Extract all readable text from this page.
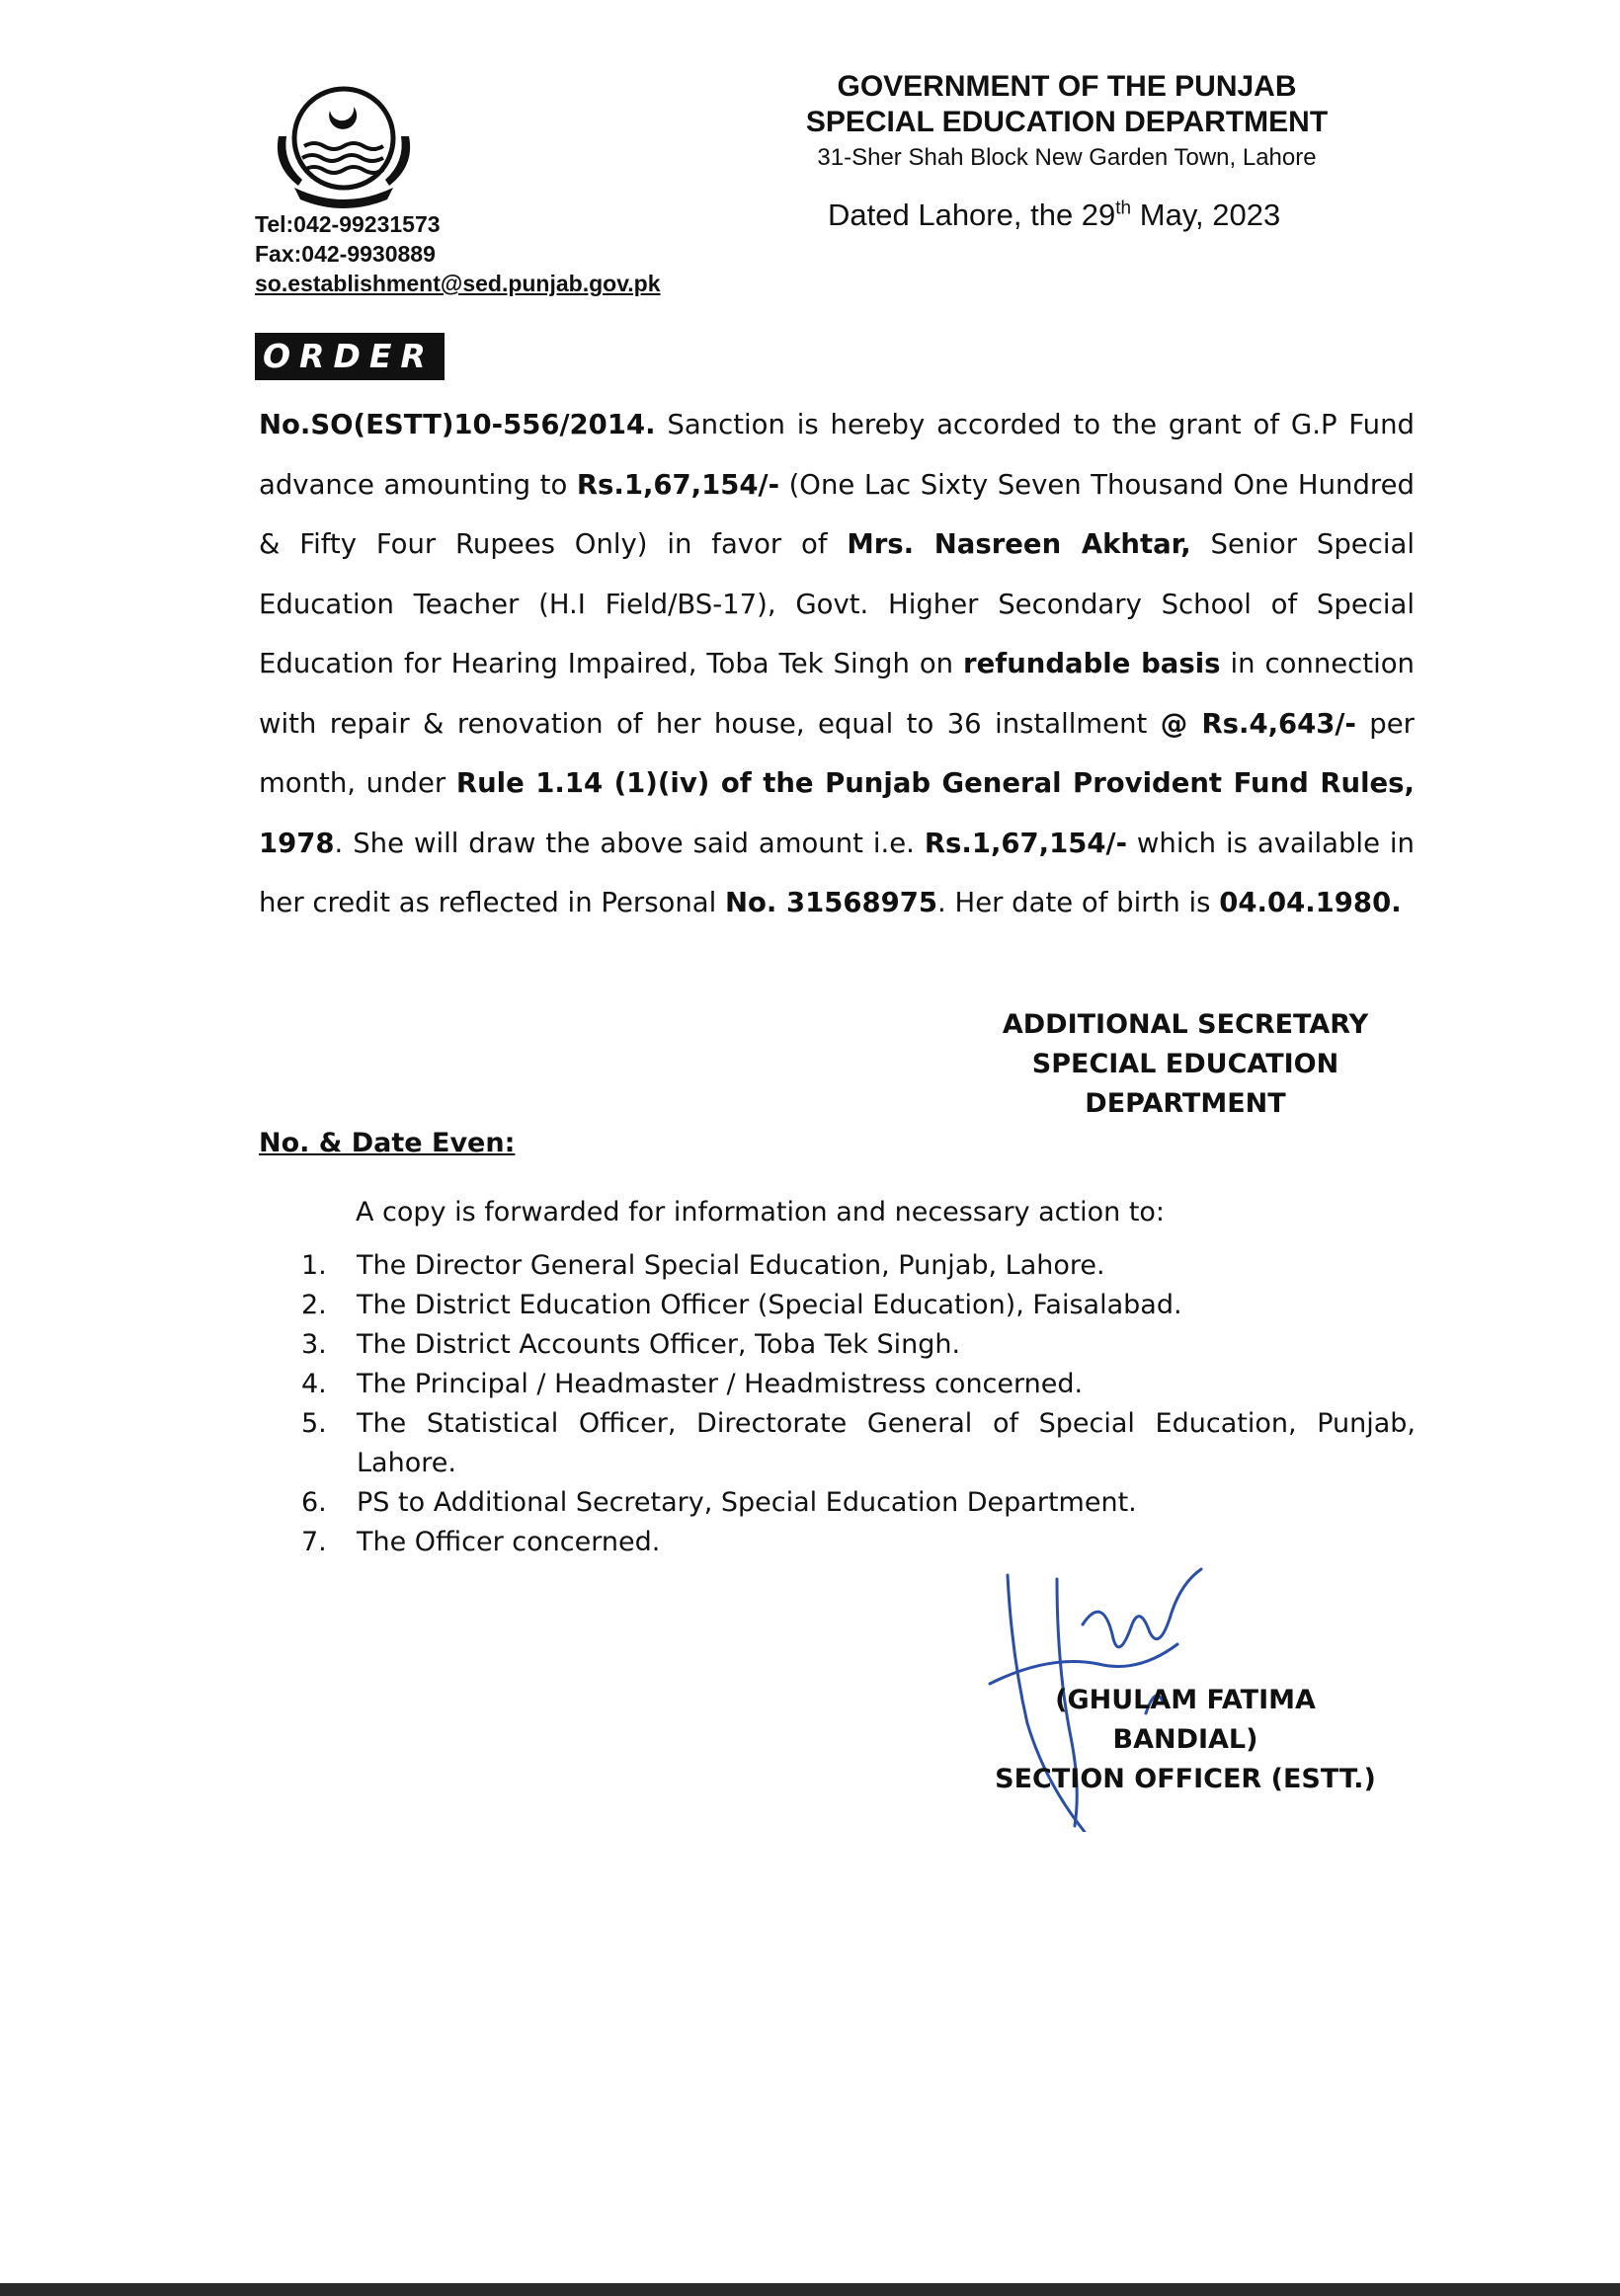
Tel:042-99231573
Fax:042-9930889
so.establishment@sed.punjab.gov.pk
GOVERNMENT OF THE PUNJAB
SPECIAL EDUCATION DEPARTMENT
31-Sher Shah Block New Garden Town, Lahore
Dated Lahore, the 29th May, 2023
ORDER
No.SO(ESTT)10-556/2014. Sanction is hereby accorded to the grant of G.P Fund advance amounting to Rs.1,67,154/- (One Lac Sixty Seven Thousand One Hundred & Fifty Four Rupees Only) in favor of Mrs. Nasreen Akhtar, Senior Special Education Teacher (H.I Field/BS-17), Govt. Higher Secondary School of Special Education for Hearing Impaired, Toba Tek Singh on refundable basis in connection with repair & renovation of her house, equal to 36 installment @ Rs.4,643/- per month, under Rule 1.14 (1)(iv) of the Punjab General Provident Fund Rules, 1978. She will draw the above said amount i.e. Rs.1,67,154/- which is available in her credit as reflected in Personal No. 31568975. Her date of birth is 04.04.1980.
ADDITIONAL SECRETARY
SPECIAL EDUCATION
DEPARTMENT
No. & Date Even:
A copy is forwarded for information and necessary action to:
1.	The Director General Special Education, Punjab, Lahore.
2.	The District Education Officer (Special Education), Faisalabad.
3.	The District Accounts Officer, Toba Tek Singh.
4.	The Principal / Headmaster / Headmistress concerned.
5.	The Statistical Officer, Directorate General of Special Education, Punjab, Lahore.
6.	PS to Additional Secretary, Special Education Department.
7.	The Officer concerned.
(GHULAM FATIMA BANDIAL)
SECTION OFFICER (ESTT.)
